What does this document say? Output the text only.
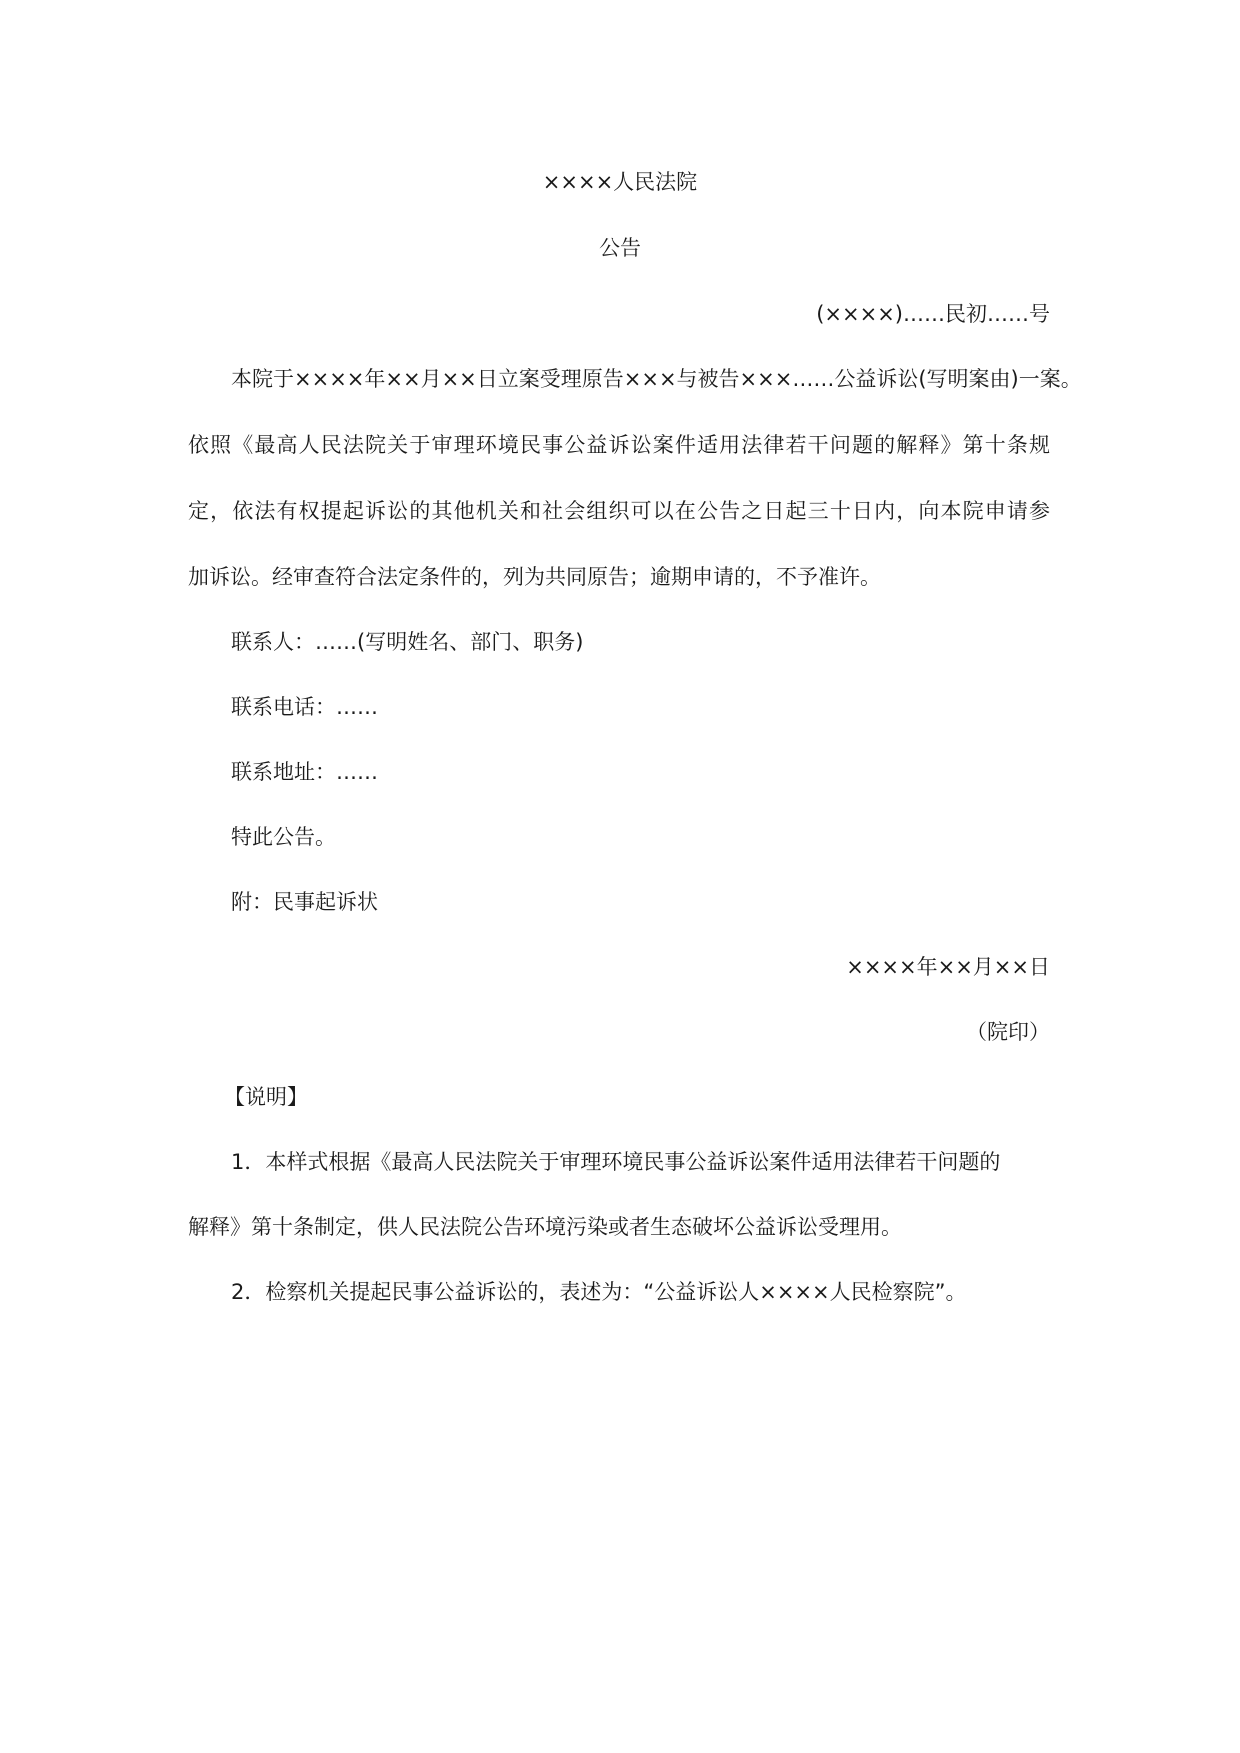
××××人民法院
公告
(××××)……民初……号
本院于××××年××月××日立案受理原告×××与被告×××……公益诉讼(写明案由)一案。
依照《最高人民法院关于审理环境民事公益诉讼案件适用法律若干问题的解释》第十条规
定，依法有权提起诉讼的其他机关和社会组织可以在公告之日起三十日内，向本院申请参
加诉讼。经审查符合法定条件的，列为共同原告；逾期申请的，不予准许。
联系人：……(写明姓名、部门、职务)
联系电话：……
联系地址：……
特此公告。
附：民事起诉状
××××年××月××日
（院印）
【说明】
1．本样式根据《最高人民法院关于审理环境民事公益诉讼案件适用法律若干问题的
解释》第十条制定，供人民法院公告环境污染或者生态破坏公益诉讼受理用。
2．检察机关提起民事公益诉讼的，表述为：“公益诉讼人××××人民检察院”。
